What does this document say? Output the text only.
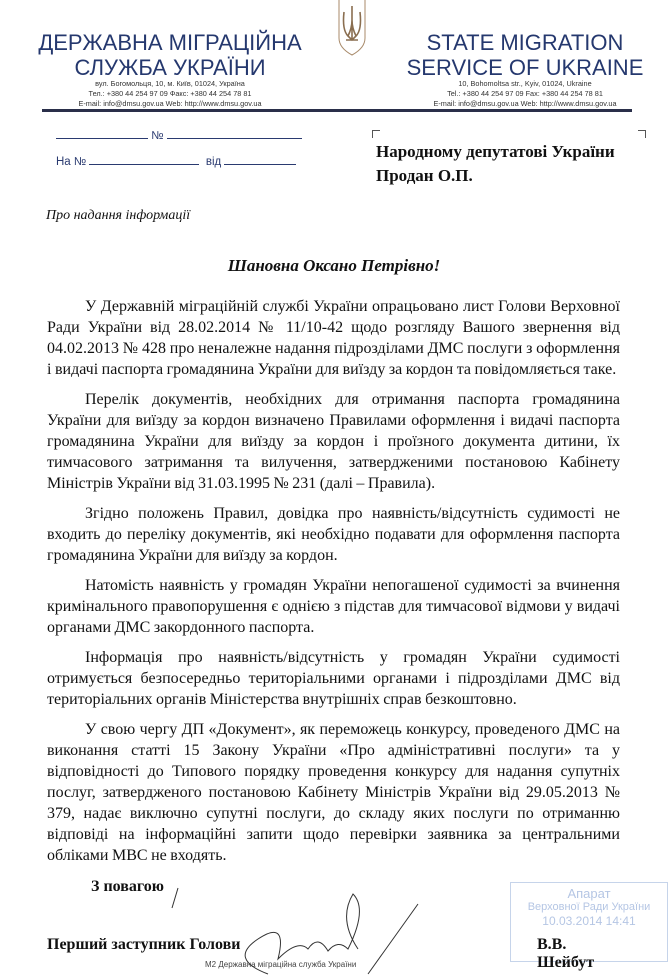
ДЕРЖАВНА МІГРАЦІЙНА
СЛУЖБА УКРАЇНИ
вул. Богомольця, 10, м. Київ, 01024, Україна
Тел.: +380 44 254 97 09 Факс: +380 44 254 78 81
E-mail: info@dmsu.gov.ua Web: http://www.dmsu.gov.ua
STATE MIGRATION
SERVICE OF UKRAINE
10, Bohomoltsa str., Kyiv, 01024, Ukraine
Tel.: +380 44 254 97 09 Fax: +380 44 254 78 81
E-mail: info@dmsu.gov.ua Web: http://www.dmsu.gov.ua
№
На №	від
Народному депутатові України
Продан О.П.
Про надання інформації
Шановна Оксано Петрівно!

У Державній міграційній службі України опрацьовано лист Голови Верховної Ради України від 28.02.2014 № 11/10-42 щодо розгляду Вашого звернення від 04.02.2013 № 428 про неналежне надання підрозділами ДМС послуги з оформлення і видачі паспорта громадянина України для виїзду за кордон та повідомляється таке.

Перелік документів, необхідних для отримання паспорта громадянина України для виїзду за кордон визначено Правилами оформлення і видачі паспорта громадянина України для виїзду за кордон і проїзного документа дитини, їх тимчасового затримання та вилучення, затвердженими постановою Кабінету Міністрів України від 31.03.1995 № 231 (далі – Правила).

Згідно положень Правил, довідка про наявність/відсутність судимості не входить до переліку документів, які необхідно подавати для оформлення паспорта громадянина України для виїзду за кордон.

Натомість наявність у громадян України непогашеної судимості за вчинення кримінального правопорушення є однією з підстав для тимчасової відмови у видачі органами ДМС закордонного паспорта.

Інформація про наявність/відсутність у громадян України судимості отримується безпосередньо територіальними органами і підрозділами ДМС від територіальних органів Міністерства внутрішніх справ безкоштовно.

У свою чергу ДП «Документ», як переможець конкурсу, проведеного ДМС на виконання статті 15 Закону України «Про адміністративні послуги» та у відповідності до Типового порядку проведення конкурсу для надання супутніх послуг, затвердженого постановою Кабінету Міністрів України від 29.05.2013 № 379, надає виключно супутні послуги, до складу яких послуги по отриманню відповіді на інформаційні запити щодо перевірки заявника за центральними обліками МВС не входять.

З повагою	Апарат
Верховної Ради України
10.03.2014 14:41
Перший заступник Голови	В.В. Шейбут
М2 Державна міграційна служба України
